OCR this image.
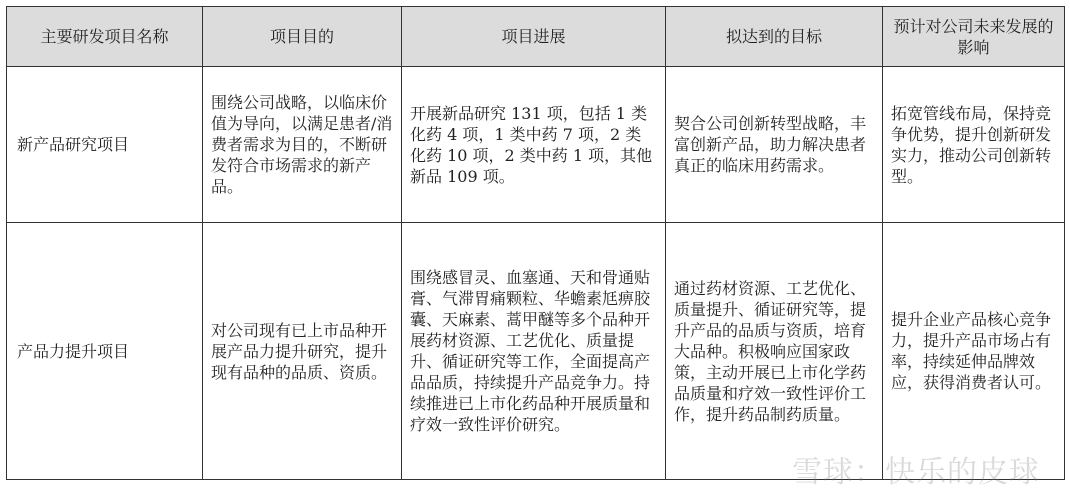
主要研发项目名称	项目目的	项目进展	拟达到的目标	预计对公司未来发展的影响
新产品研究项目	围绕公司战略，以临床价值为导向，以满足患者/消费者需求为目的，不断研发符合市场需求的新产品。	开展新品研究 131 项，包括 1 类化药 4 项，1 类中药 7 项，2 类化药 10 项，2 类中药 1 项，其他新品 109 项。	契合公司创新转型战略，丰富创新产品，助力解决患者真正的临床用药需求。	拓宽管线布局，保持竞争优势，提升创新研发实力，推动公司创新转型。
产品力提升项目	对公司现有已上市品种开展产品力提升研究，提升现有品种的品质、资质。	围绕感冒灵、血塞通、天和骨通贴膏、气滞胃痛颗粒、华蟾素尪痹胶囊、天麻素、蒿甲醚等多个品种开展药材资源、工艺优化、质量提升、循证研究等工作，全面提高产品品质，持续提升产品竞争力。持续推进已上市化药品种开展质量和疗效一致性评价研究。	通过药材资源、工艺优化、质量提升、循证研究等，提升产品的品质与资质，培育大品种。积极响应国家政策，主动开展已上市化学药品质量和疗效一致性评价工作，提升药品制药质量。	提升企业产品核心竞争力，提升产品市场占有率，持续延伸品牌效应，获得消费者认可。
雪球：快乐的皮球
